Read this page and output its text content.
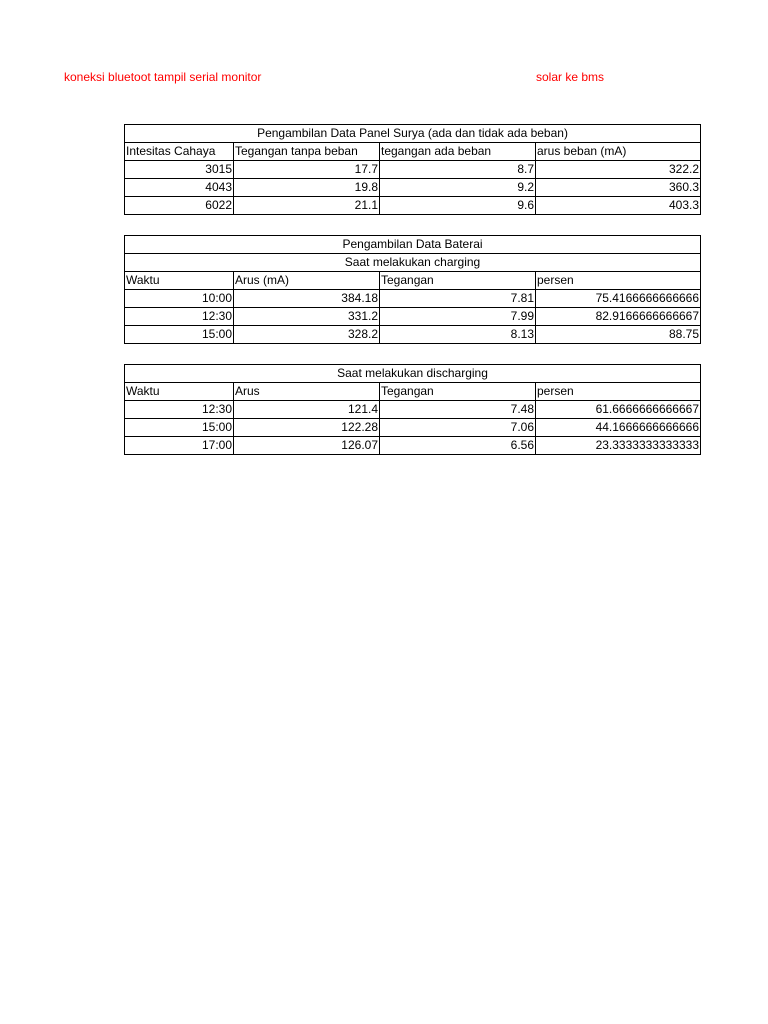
koneksi bluetoot tampil serial monitor	solar ke bms
Pengambilan Data Panel Surya (ada dan tidak ada beban)			
Intesitas Cahaya	Tegangan tanpa beban	tegangan ada beban	arus beban (mA)
3015	17.7	8.7	322.2
4043	19.8	9.2	360.3
6022	21.1	9.6	403.3
Pengambilan Data Baterai			
Saat melakukan charging			
Waktu	Arus (mA)	Tegangan	persen
10:00	384.18	7.81	75.4166666666666
12:30	331.2	7.99	82.9166666666667
15:00	328.2	8.13	88.75
Saat melakukan discharging			
Waktu	Arus	Tegangan	persen
12:30	121.4	7.48	61.6666666666667
15:00	122.28	7.06	44.1666666666666
17:00	126.07	6.56	23.3333333333333
